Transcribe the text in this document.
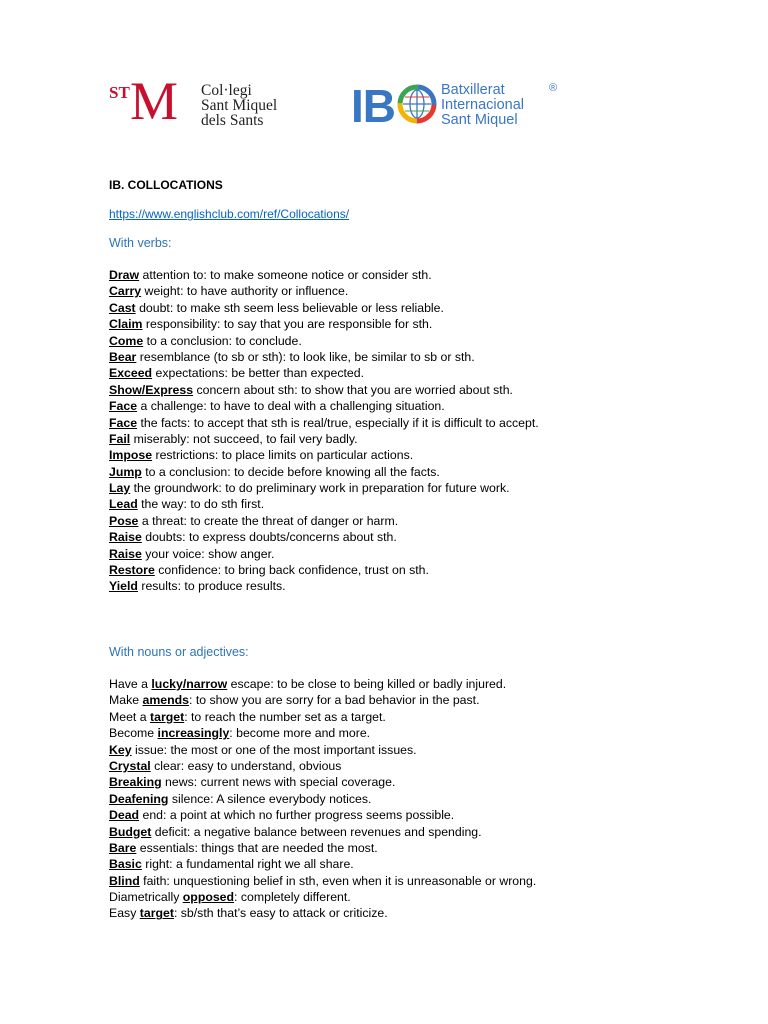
ST M Col·legi
Sant Miquel
dels Sants IB	Batxillerat
Internacional
Sant Miquel
®
IB. COLLOCATIONS
https://www.englishclub.com/ref/Collocations/
With verbs:
Draw attention to: to make someone notice or consider sth.
Carry weight: to have authority or influence.
Cast doubt: to make sth seem less believable or less reliable.
Claim responsibility: to say that you are responsible for sth.
Come to a conclusion: to conclude.
Bear resemblance (to sb or sth): to look like, be similar to sb or sth.
Exceed expectations: be better than expected.
Show/Express concern about sth: to show that you are worried about sth.
Face a challenge: to have to deal with a challenging situation.
Face the facts: to accept that sth is real/true, especially if it is difficult to accept.
Fail miserably: not succeed, to fail very badly.
Impose restrictions: to place limits on particular actions.
Jump to a conclusion: to decide before knowing all the facts.
Lay the groundwork: to do preliminary work in preparation for future work.
Lead the way: to do sth first.
Pose a threat: to create the threat of danger or harm.
Raise doubts: to express doubts/concerns about sth.
Raise your voice: show anger.
Restore confidence: to bring back confidence, trust on sth.
Yield results: to produce results.
With nouns or adjectives:
Have a lucky/narrow escape: to be close to being killed or badly injured.
Make amends: to show you are sorry for a bad behavior in the past.
Meet a target: to reach the number set as a target.
Become increasingly: become more and more.
Key issue: the most or one of the most important issues.
Crystal clear: easy to understand, obvious
Breaking news: current news with special coverage.
Deafening silence: A silence everybody notices.
Dead end: a point at which no further progress seems possible.
Budget deficit: a negative balance between revenues and spending.
Bare essentials: things that are needed the most.
Basic right: a fundamental right we all share.
Blind faith: unquestioning belief in sth, even when it is unreasonable or wrong.
Diametrically opposed: completely different.
Easy target: sb/sth that’s easy to attack or criticize.
